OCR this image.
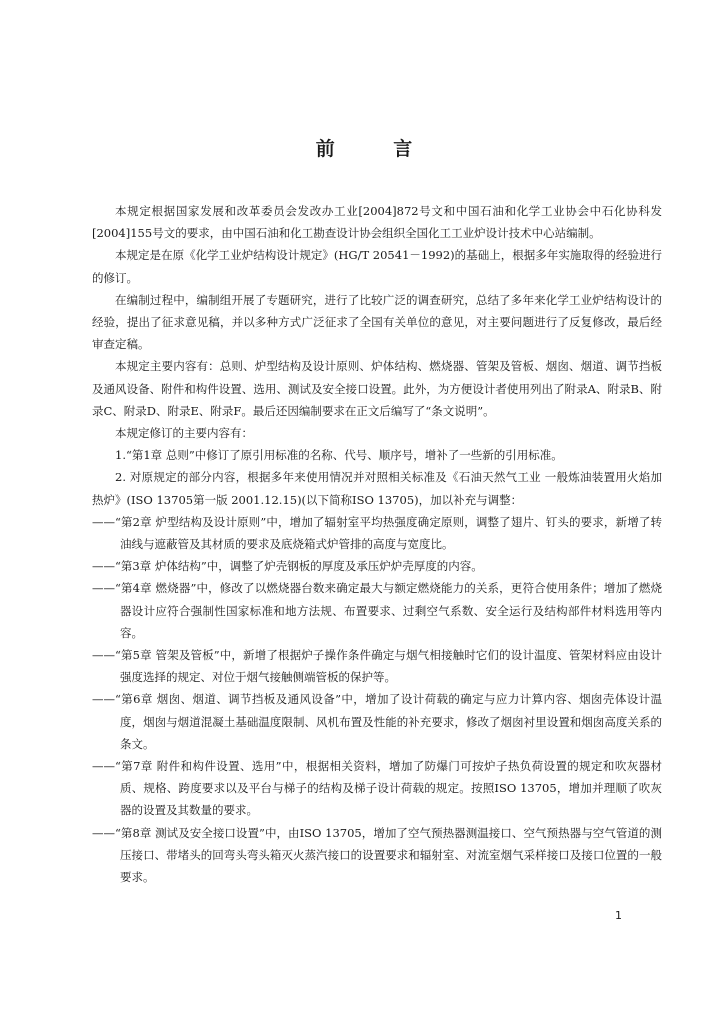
前 言

本规定根据国家发展和改革委员会发改办工业[2004]872号文和中国石油和化学工业协会中石化协科发[2004]155号文的要求，由中国石油和化工勘查设计协会组织全国化工工业炉设计技术中心站编制。

本规定是在原《化学工业炉结构设计规定》(HG/T 20541－1992)的基础上，根据多年实施取得的经验进行的修订。

在编制过程中，编制组开展了专题研究，进行了比较广泛的调查研究，总结了多年来化学工业炉结构设计的经验，提出了征求意见稿，并以多种方式广泛征求了全国有关单位的意见，对主要问题进行了反复修改，最后经审查定稿。

本规定主要内容有：总则、炉型结构及设计原则、炉体结构、燃烧器、管架及管板、烟囱、烟道、调节挡板及通风设备、附件和构件设置、选用、测试及安全接口设置。此外，为方便设计者使用列出了附录A、附录B、附录C、附录D、附录E、附录F。最后还因编制要求在正文后编写了“条文说明”。

本规定修订的主要内容有：

1.“第1章 总则”中修订了原引用标准的名称、代号、顺序号，增补了一些新的引用标准。

2. 对原规定的部分内容，根据多年来使用情况并对照相关标准及《石油天然气工业 一般炼油装置用火焰加热炉》(ISO 13705第一版 2001.12.15)(以下简称ISO 13705)，加以补充与调整：

——“第2章 炉型结构及设计原则”中，增加了辐射室平均热强度确定原则，调整了翅片、钉头的要求，新增了转油线与遮蔽管及其材质的要求及底烧箱式炉管排的高度与宽度比。

——“第3章 炉体结构”中，调整了炉壳钢板的厚度及承压炉炉壳厚度的内容。

——“第4章 燃烧器”中，修改了以燃烧器台数来确定最大与额定燃烧能力的关系，更符合使用条件；增加了燃烧器设计应符合强制性国家标准和地方法规、布置要求、过剩空气系数、安全运行及结构部件材料选用等内容。

——“第5章 管架及管板”中，新增了根据炉子操作条件确定与烟气相接触时它们的设计温度、管架材料应由设计强度选择的规定、对位于烟气接触侧端管板的保护等。

——“第6章 烟囱、烟道、调节挡板及通风设备”中，增加了设计荷载的确定与应力计算内容、烟囱壳体设计温度，烟囱与烟道混凝土基础温度限制、风机布置及性能的补充要求，修改了烟囱衬里设置和烟囱高度关系的条文。

——“第7章 附件和构件设置、选用”中，根据相关资料，增加了防爆门可按炉子热负荷设置的规定和吹灰器材质、规格、跨度要求以及平台与梯子的结构及梯子设计荷载的规定。按照ISO 13705，增加并理顺了吹灰器的设置及其数量的要求。

——“第8章 测试及安全接口设置”中，由ISO 13705，增加了空气预热器测温接口、空气预热器与空气管道的测压接口、带堵头的回弯头弯头箱灭火蒸汽接口的设置要求和辐射室、对流室烟气采样接口及接口位置的一般要求。

1
